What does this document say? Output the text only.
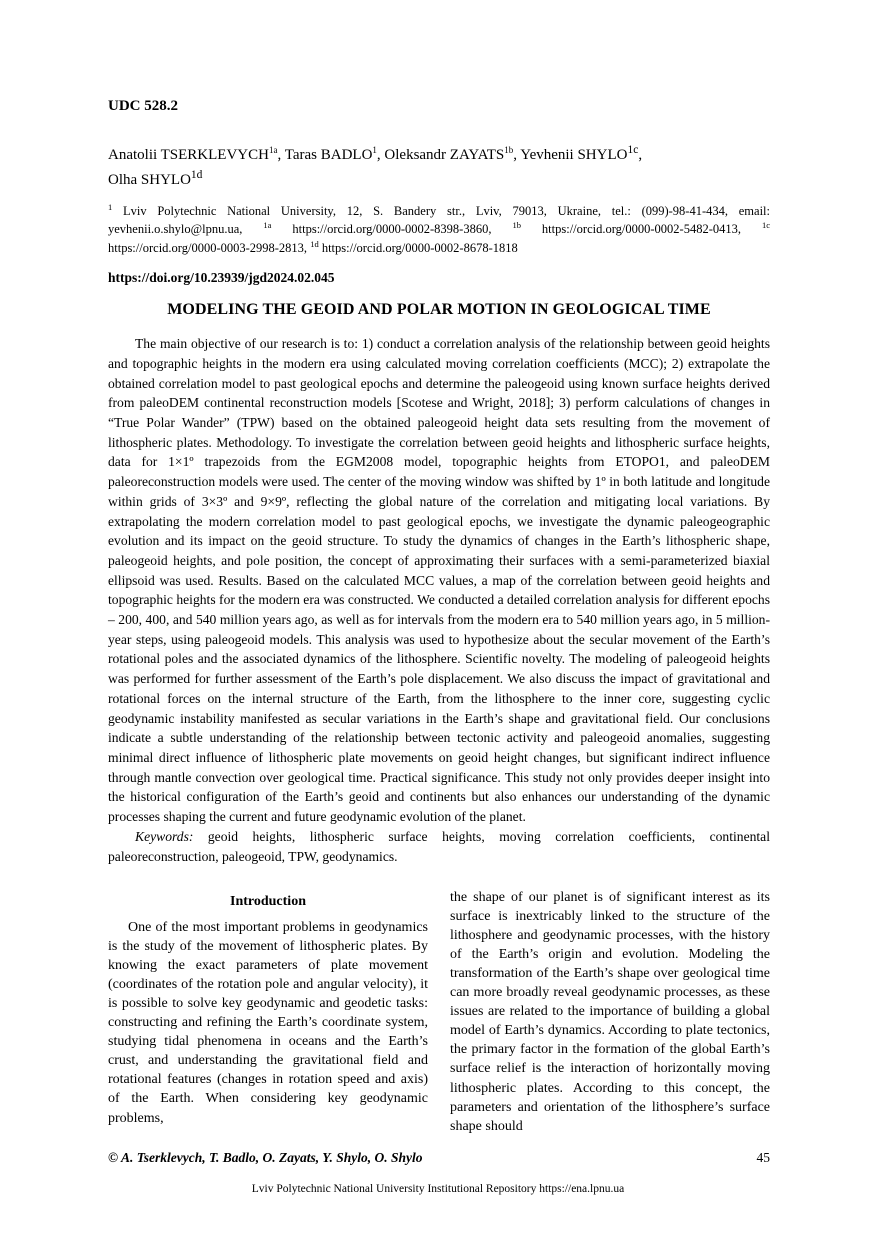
UDC 528.2

Anatolii $TSERKLEVYCH^{1a}$, Taras BADLO$^1$, Oleksandr $ZAYATS^{1b}$, Yevhenii $SHYLO^{1c}$,
Olha $SHYLO^{1d}$

$^1$ Lviv Polytechnic National University, 12, S. Bandery str., Lviv, 79013, Ukraine, tel.: (099)-98-41-434, email: yevhenii.o.shylo@lpnu.ua, $^{1a}$ https://orcid.org/0000-0002-8398-3860, $^{1b}$ https://orcid.org/0000-0002-5482-0413, $^{1c}$ https://orcid.org/0000-0003-2998-2813, $^{1d}$ https://orcid.org/0000-0002-8678-1818

https://doi.org/10.23939/jgd2024.02.045

MODELING THE GEOID AND POLAR MOTION IN GEOLOGICAL TIME

The main objective of our research is to: 1) conduct a correlation analysis of the relationship between geoid heights and topographic heights in the modern era using calculated moving correlation coefficients (MCC); 2) extrapolate the obtained correlation model to past geological epochs and determine the paleogeoid using known surface heights derived from paleoDEM continental reconstruction models [Scotese and Wright, 2018]; 3) perform calculations of changes in “True Polar Wander” (TPW) based on the obtained paleogeoid height data sets resulting from the movement of lithospheric plates. Methodology. To investigate the correlation between geoid heights and lithospheric surface heights, data for 1×1º trapezoids from the EGM2008 model, topographic heights from ETOPO1, and paleoDEM paleoreconstruction models were used. The center of the moving window was shifted by 1º in both latitude and longitude within grids of 3×3º and 9×9º, reflecting the global nature of the correlation and mitigating local variations. By extrapolating the modern correlation model to past geological epochs, we investigate the dynamic paleogeographic evolution and its impact on the geoid structure. To study the dynamics of changes in the Earth’s lithospheric shape, paleogeoid heights, and pole position, the concept of approximating their surfaces with a semi-parameterized biaxial ellipsoid was used. Results. Based on the calculated MCC values, a map of the correlation between geoid heights and topographic heights for the modern era was constructed. We conducted a detailed correlation analysis for different epochs – 200, 400, and 540 million years ago, as well as for intervals from the modern era to 540 million years ago, in 5 million-year steps, using paleogeoid models. This analysis was used to hypothesize about the secular movement of the Earth’s rotational poles and the associated dynamics of the lithosphere. Scientific novelty. The modeling of paleogeoid heights was performed for further assessment of the Earth’s pole displacement. We also discuss the impact of gravitational and rotational forces on the internal structure of the Earth, from the lithosphere to the inner core, suggesting cyclic geodynamic instability manifested as secular variations in the Earth’s shape and gravitational field. Our conclusions indicate a subtle understanding of the relationship between tectonic activity and paleogeoid anomalies, suggesting minimal direct influence of lithospheric plate movements on geoid height changes, but significant indirect influence through mantle convection over geological time. Practical significance. This study not only provides deeper insight into the historical configuration of the Earth’s geoid and continents but also enhances our understanding of the dynamic processes shaping the current and future geodynamic evolution of the planet.

Keywords: geoid heights, lithospheric surface heights, moving correlation coefficients, continental paleoreconstruction, paleogeoid, TPW, geodynamics.

Introduction

One of the most important problems in geodynamics is the study of the movement of lithospheric plates. By knowing the exact parameters of plate movement (coordinates of the rotation pole and angular velocity), it is possible to solve key geodynamic and geodetic tasks: constructing and refining the Earth’s coordinate system, studying tidal phenomena in oceans and the Earth’s crust, and understanding the gravitational field and rotational features (changes in rotation speed and axis) of the Earth. When considering key geodynamic problems,

the shape of our planet is of significant interest as its surface is inextricably linked to the structure of the lithosphere and geodynamic processes, with the history of the Earth’s origin and evolution. Modeling the transformation of the Earth’s shape over geological time can more broadly reveal geodynamic processes, as these issues are related to the importance of building a global model of Earth’s dynamics. According to plate tectonics, the primary factor in the formation of the global Earth’s surface relief is the interaction of horizontally moving lithospheric plates. According to this concept, the parameters and orientation of the lithosphere’s surface shape should

© A. Tserklevych, T. Badlo, O. Zayats, Y. Shylo, O. Shylo	45
Lviv Polytechnic National University Institutional Repository https://ena.lpnu.ua
